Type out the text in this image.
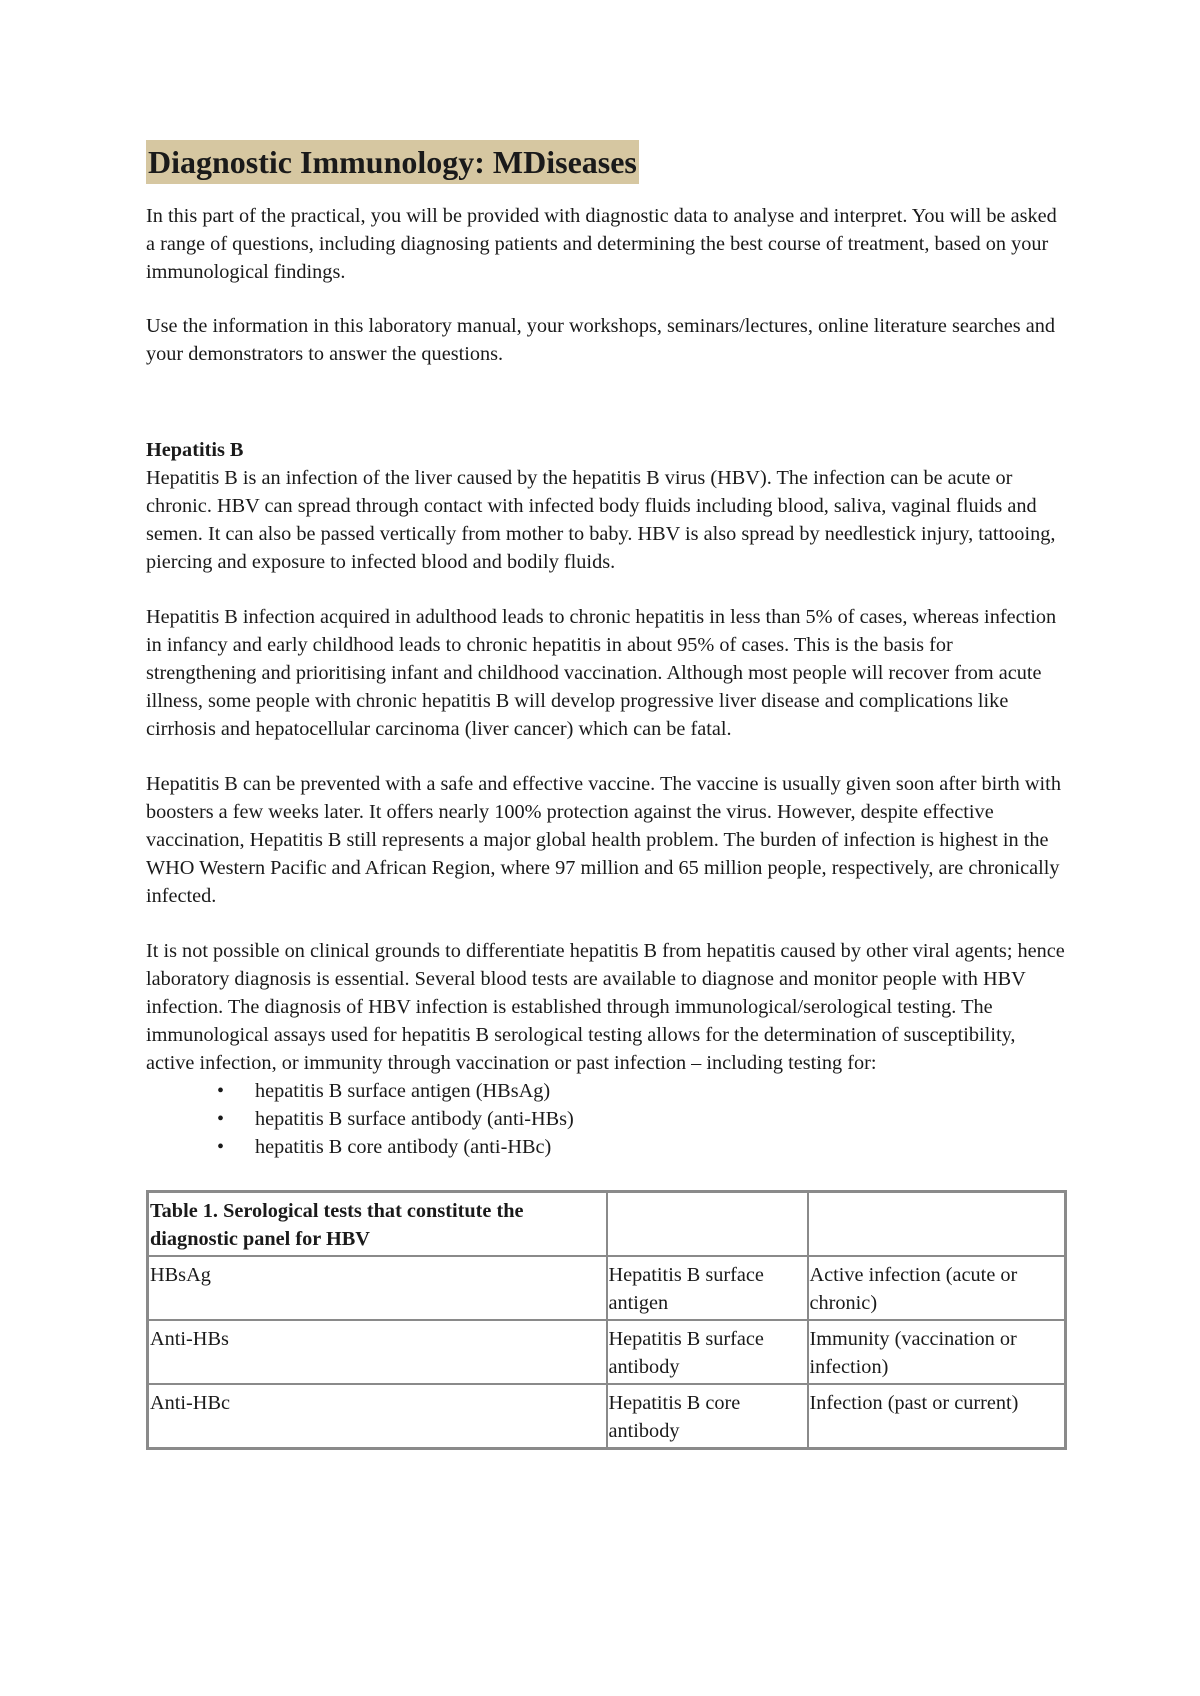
Diagnostic Immunology: MDiseases

In this part of the practical, you will be provided with diagnostic data to analyse and interpret. You will be asked a range of questions, including diagnosing patients and determining the best course of treatment, based on your immunological findings.

Use the information in this laboratory manual, your workshops, seminars/lectures, online literature searches and your demonstrators to answer the questions.

Hepatitis B

Hepatitis B is an infection of the liver caused by the hepatitis B virus (HBV). The infection can be acute or chronic. HBV can spread through contact with infected body fluids including blood, saliva, vaginal fluids and semen. It can also be passed vertically from mother to baby. HBV is also spread by needlestick injury, tattooing, piercing and exposure to infected blood and bodily fluids.

Hepatitis B infection acquired in adulthood leads to chronic hepatitis in less than 5% of cases, whereas infection in infancy and early childhood leads to chronic hepatitis in about 95% of cases. This is the basis for strengthening and prioritising infant and childhood vaccination. Although most people will recover from acute illness, some people with chronic hepatitis B will develop progressive liver disease and complications like cirrhosis and hepatocellular carcinoma (liver cancer) which can be fatal.

Hepatitis B can be prevented with a safe and effective vaccine. The vaccine is usually given soon after birth with boosters a few weeks later. It offers nearly 100% protection against the virus. However, despite effective vaccination, Hepatitis B still represents a major global health problem. The burden of infection is highest in the WHO Western Pacific and African Region, where 97 million and 65 million people, respectively, are chronically infected.

It is not possible on clinical grounds to differentiate hepatitis B from hepatitis caused by other viral agents; hence laboratory diagnosis is essential. Several blood tests are available to diagnose and monitor people with HBV infection. The diagnosis of HBV infection is established through immunological/serological testing. The immunological assays used for hepatitis B serological testing allows for the determination of susceptibility, active infection, or immunity through vaccination or past infection – including testing for:

• hepatitis B surface antigen (HBsAg)
• hepatitis B surface antibody (anti-HBs)
• hepatitis B core antibody (anti-HBc)
Table 1. Serological tests that constitute the diagnostic panel for HBV		
HBsAg	Hepatitis B surface antigen	Active infection (acute or chronic)
Anti-HBs	Hepatitis B surface antibody	Immunity (vaccination or infection)
Anti-HBc	Hepatitis B core antibody	Infection (past or current)
